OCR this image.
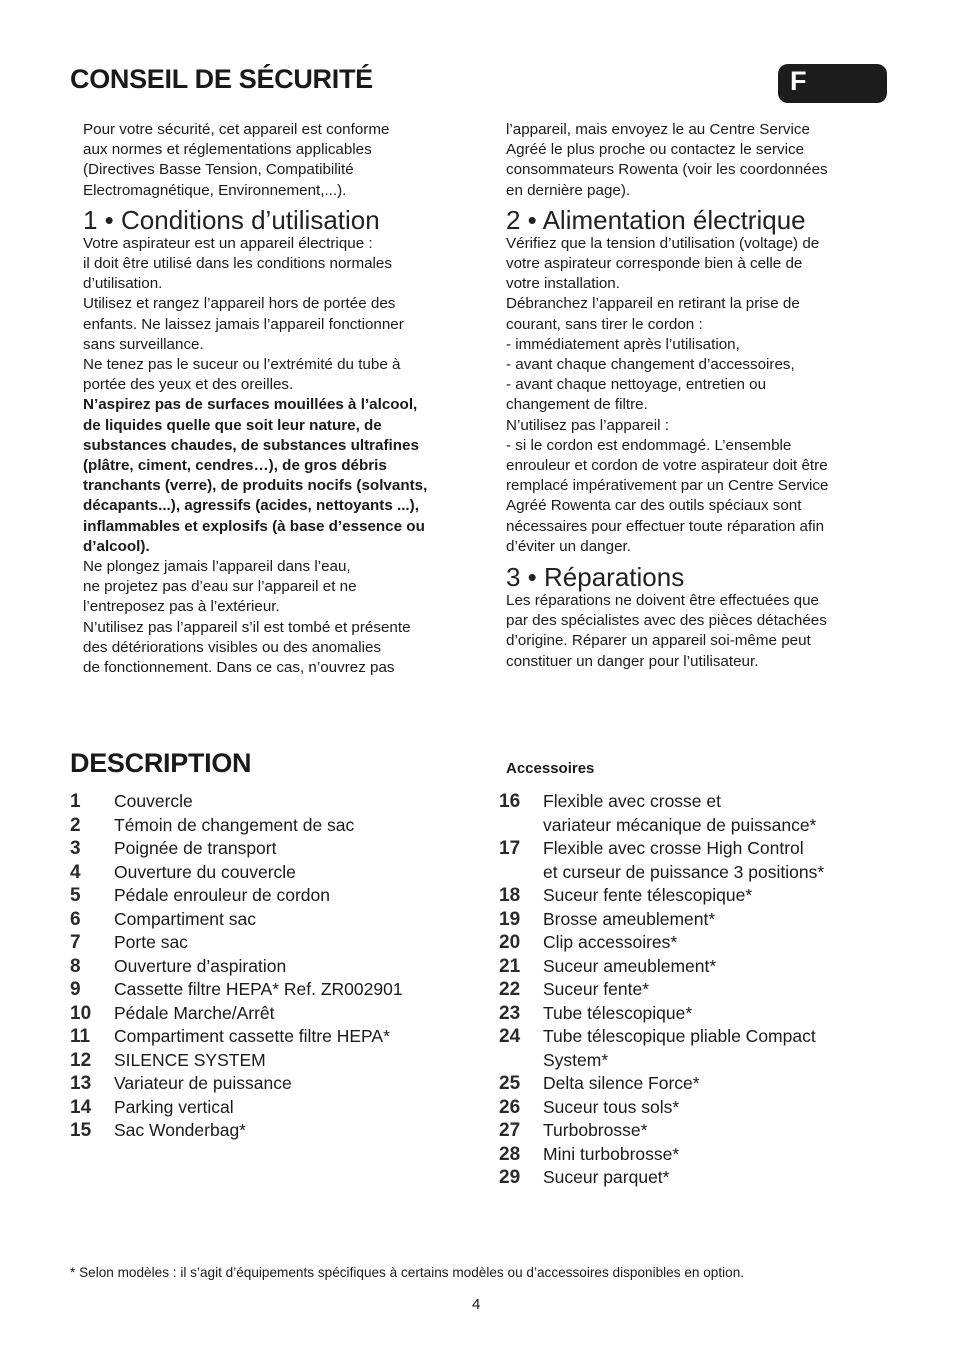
CONSEIL DE SÉCURITÉ	F

Pour votre sécurité, cet appareil est conforme

aux normes et réglementations applicables

(Directives Basse Tension, Compatibilité

Electromagnétique, Environnement,...).

1 • Conditions d’utilisation

Votre aspirateur est un appareil électrique :

il doit être utilisé dans les conditions normales

d’utilisation.

Utilisez et rangez l’appareil hors de portée des

enfants. Ne laissez jamais l’appareil fonctionner

sans surveillance.

Ne tenez pas le suceur ou l’extrémité du tube à

portée des yeux et des oreilles.

N’aspirez pas de surfaces mouillées à l’alcool,

de liquides quelle que soit leur nature, de

substances chaudes, de substances ultrafines

(plâtre, ciment, cendres…), de gros débris

tranchants (verre), de produits nocifs (solvants,

décapants...), agressifs (acides, nettoyants ...),

inflammables et explosifs (à base d’essence ou

d’alcool).

Ne plongez jamais l’appareil dans l’eau,

ne projetez pas d’eau sur l’appareil et ne

l’entreposez pas à l’extérieur.

N’utilisez pas l’appareil s’il est tombé et présente

des détériorations visibles ou des anomalies

de fonctionnement. Dans ce cas, n’ouvrez pas

l’appareil, mais envoyez le au Centre Service

Agréé le plus proche ou contactez le service

consommateurs Rowenta (voir les coordonnées

en dernière page).

2 • Alimentation électrique

Vérifiez que la tension d’utilisation (voltage) de

votre aspirateur corresponde bien à celle de

votre installation.

Débranchez l’appareil en retirant la prise de

courant, sans tirer le cordon :

- immédiatement après l’utilisation,

- avant chaque changement d’accessoires,

- avant chaque nettoyage, entretien ou

changement de filtre.

N’utilisez pas l’appareil :

- si le cordon est endommagé. L’ensemble

enrouleur et cordon de votre aspirateur doit être

remplacé impérativement par un Centre Service

Agréé Rowenta car des outils spéciaux sont

nécessaires pour effectuer toute réparation afin

d’éviter un danger.

3 • Réparations

Les réparations ne doivent être effectuées que

par des spécialistes avec des pièces détachées

d’origine. Réparer un appareil soi-même peut

constituer un danger pour l’utilisateur.

DESCRIPTION
1	Couvercle
2	Témoin de changement de sac
3	Poignée de transport
4	Ouverture du couvercle
5	Pédale enrouleur de cordon
6	Compartiment sac
7	Porte sac
8	Ouverture d’aspiration
9	Cassette filtre HEPA* Ref. ZR002901
10	Pédale Marche/Arrêt
11	Compartiment cassette filtre HEPA*
12	SILENCE SYSTEM
13	Variateur de puissance
14	Parking vertical
15	Sac Wonderbag*
Accessoires
16	Flexible avec crosse et
variateur mécanique de puissance*
17	Flexible avec crosse High Control
et curseur de puissance 3 positions*
18	Suceur fente télescopique*
19	Brosse ameublement*
20	Clip accessoires*
21	Suceur ameublement*
22	Suceur fente*
23	Tube télescopique*
24	Tube télescopique pliable Compact
System*
25	Delta silence Force*
26	Suceur tous sols*
27	Turbobrosse*
28	Mini turbobrosse*
29	Suceur parquet*
* Selon modèles : il s’agit d’équipements spécifiques à certains modèles ou d’accessoires disponibles en option.
4
